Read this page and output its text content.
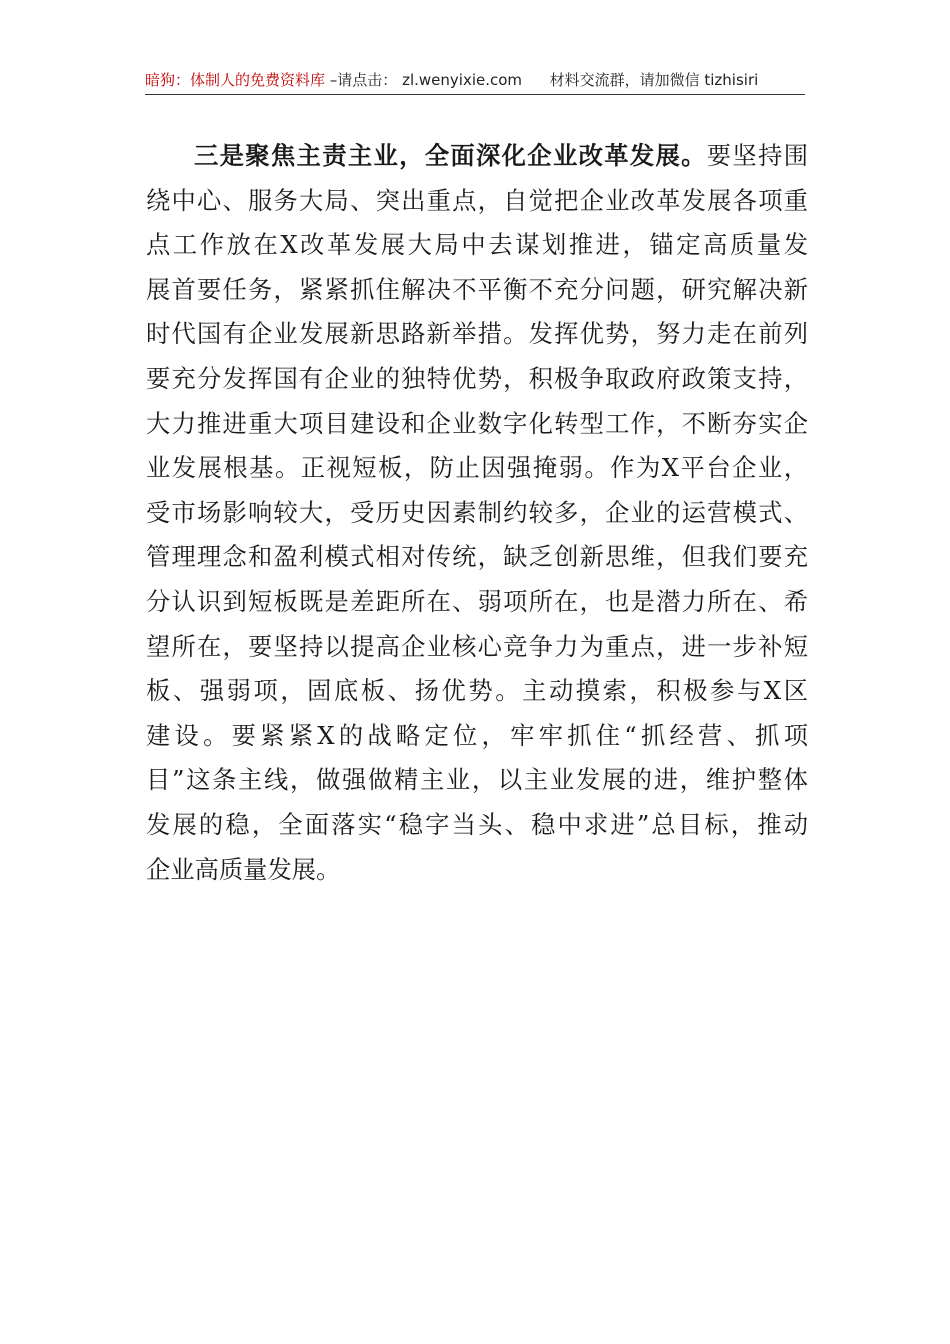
暗狗：体制人的免费资料库 –请点击： zl.wenyixie.com 材料交流群，请加微信 tizhisiri
三是聚焦主责主业，全面深化企业改革发展。要坚持围
绕中心、服务大局、突出重点，自觉把企业改革发展各项重
点工作放在X改革发展大局中去谋划推进，锚定高质量发
展首要任务，紧紧抓住解决不平衡不充分问题，研究解决新
时代国有企业发展新思路新举措。发挥优势，努力走在前列
要充分发挥国有企业的独特优势，积极争取政府政策支持，
大力推进重大项目建设和企业数字化转型工作，不断夯实企
业发展根基。正视短板，防止因强掩弱。作为X平台企业，
受市场影响较大，受历史因素制约较多，企业的运营模式、
管理理念和盈利模式相对传统，缺乏创新思维，但我们要充
分认识到短板既是差距所在、弱项所在，也是潜力所在、希
望所在，要坚持以提高企业核心竞争力为重点，进一步补短
板、强弱项，固底板、扬优势。主动摸索，积极参与X区
建设。要紧紧X的战略定位，牢牢抓住“抓经营、抓项
目”这条主线，做强做精主业，以主业发展的进，维护整体
发展的稳，全面落实“稳字当头、稳中求进”总目标，推动
企业高质量发展。
